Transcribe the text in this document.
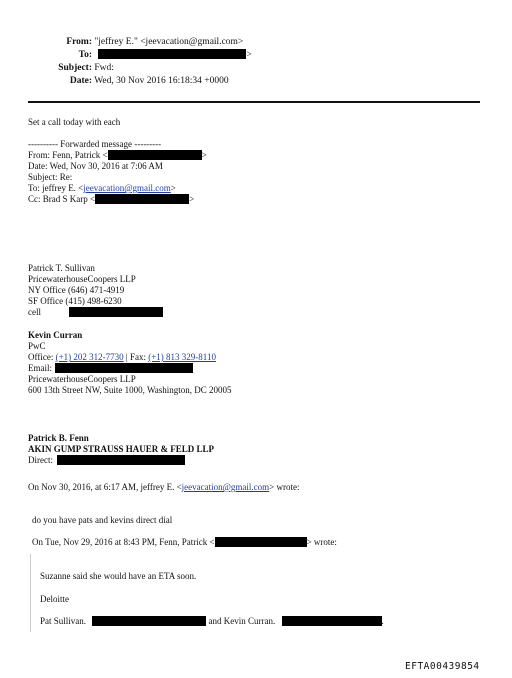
From: "jeffrey E." <jeevacation@gmail.com>
To:	>
Subject: Fwd:
Date: Wed, 30 Nov 2016 16:18:34 +0000
Set a call today with each
---------- Forwarded message ---------
From: Fenn, Patrick <	>
Date: Wed, Nov 30, 2016 at 7:06 AM
Subject: Re:
To: jeffrey E. <jeevacation@gmail.com>
Cc: Brad S Karp <	>
Patrick T. Sullivan
PricewaterhouseCoopers LLP
NY Office (646) 471-4919
SF Office (415) 498-6230
cell
Kevin Curran
PwC
Office: (+1) 202 312-7730 | Fax: (+1) 813 329-8110
Email:
PricewaterhouseCoopers LLP
600 13th Street NW, Suite 1000, Washington, DC 20005
Patrick B. Fenn
AKIN GUMP STRAUSS HAUER & FELD LLP
Direct:
On Nov 30, 2016, at 6:17 AM, jeffrey E. <jeevacation@gmail.com> wrote:
do you have pats and kevins direct dial
On Tue, Nov 29, 2016 at 8:43 PM, Fenn, Patrick <	> wrote:
Suzanne said she would have an ETA soon.
Deloitte
Pat Sullivan.	and Kevin Curran.	.
EFTA00439854
